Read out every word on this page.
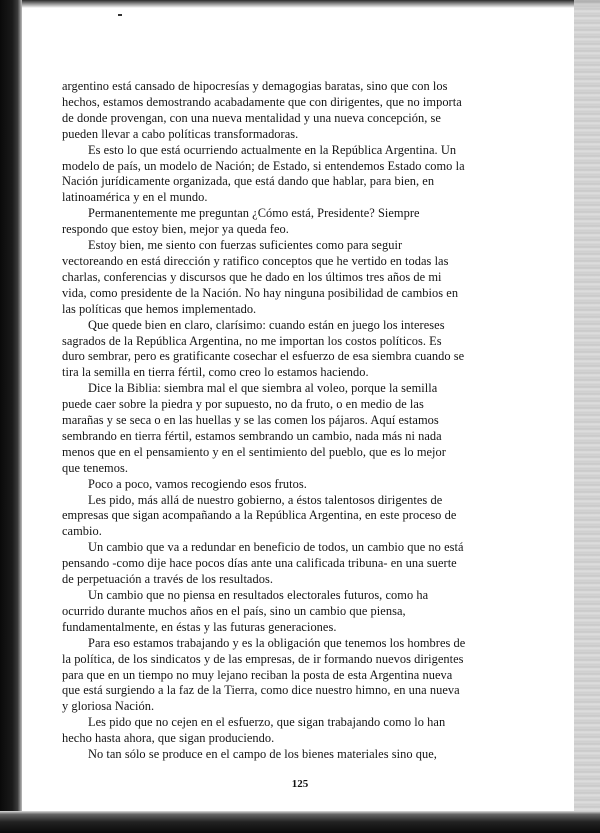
argentino está cansado de hipocresías y demagogias baratas, sino que con los hechos, estamos demostrando acabadamente que con dirigentes, que no importa de donde provengan, con una nueva mentalidad y una nueva concepción, se pueden llevar a cabo políticas transformadoras.

Es esto lo que está ocurriendo actualmente en la República Argentina. Un modelo de país, un modelo de Nación; de Estado, si entendemos Estado como la Nación jurídicamente organizada, que está dando que hablar, para bien, en latinoamérica y en el mundo.

Permanentemente me preguntan ¿Cómo está, Presidente? Siempre respondo que estoy bien, mejor ya queda feo.

Estoy bien, me siento con fuerzas suficientes como para seguir vectoreando en está dirección y ratifico conceptos que he vertido en todas las charlas, conferencias y discursos que he dado en los últimos tres años de mi vida, como presidente de la Nación. No hay ninguna posibilidad de cambios en las políticas que hemos implementado.

Que quede bien en claro, clarísimo: cuando están en juego los intereses sagrados de la República Argentina, no me importan los costos políticos. Es duro sembrar, pero es gratificante cosechar el esfuerzo de esa siembra cuando se tira la semilla en tierra fértil, como creo lo estamos haciendo.

Dice la Biblia: siembra mal el que siembra al voleo, porque la semilla puede caer sobre la piedra y por supuesto, no da fruto, o en medio de las marañas y se seca o en las huellas y se las comen los pájaros. Aquí estamos sembrando en tierra fértil, estamos sembrando un cambio, nada más ni nada menos que en el pensamiento y en el sentimiento del pueblo, que es lo mejor que tenemos.

Poco a poco, vamos recogiendo esos frutos.

Les pido, más allá de nuestro gobierno, a éstos talentosos dirigentes de empresas que sigan acompañando a la República Argentina, en este proceso de cambio.

Un cambio que va a redundar en beneficio de todos, un cambio que no está pensando -como dije hace pocos días ante una calificada tribuna- en una suerte de perpetuación a través de los resultados.

Un cambio que no piensa en resultados electorales futuros, como ha ocurrido durante muchos años en el país, sino un cambio que piensa, fundamentalmente, en éstas y las futuras generaciones.

Para eso estamos trabajando y es la obligación que tenemos los hombres de la política, de los sindicatos y de las empresas, de ir formando nuevos dirigentes para que en un tiempo no muy lejano reciban la posta de esta Argentina nueva que está surgiendo a la faz de la Tierra, como dice nuestro himno, en una nueva y gloriosa Nación.

Les pido que no cejen en el esfuerzo, que sigan trabajando como lo han hecho hasta ahora, que sigan produciendo.

No tan sólo se produce en el campo de los bienes materiales sino que,

125
